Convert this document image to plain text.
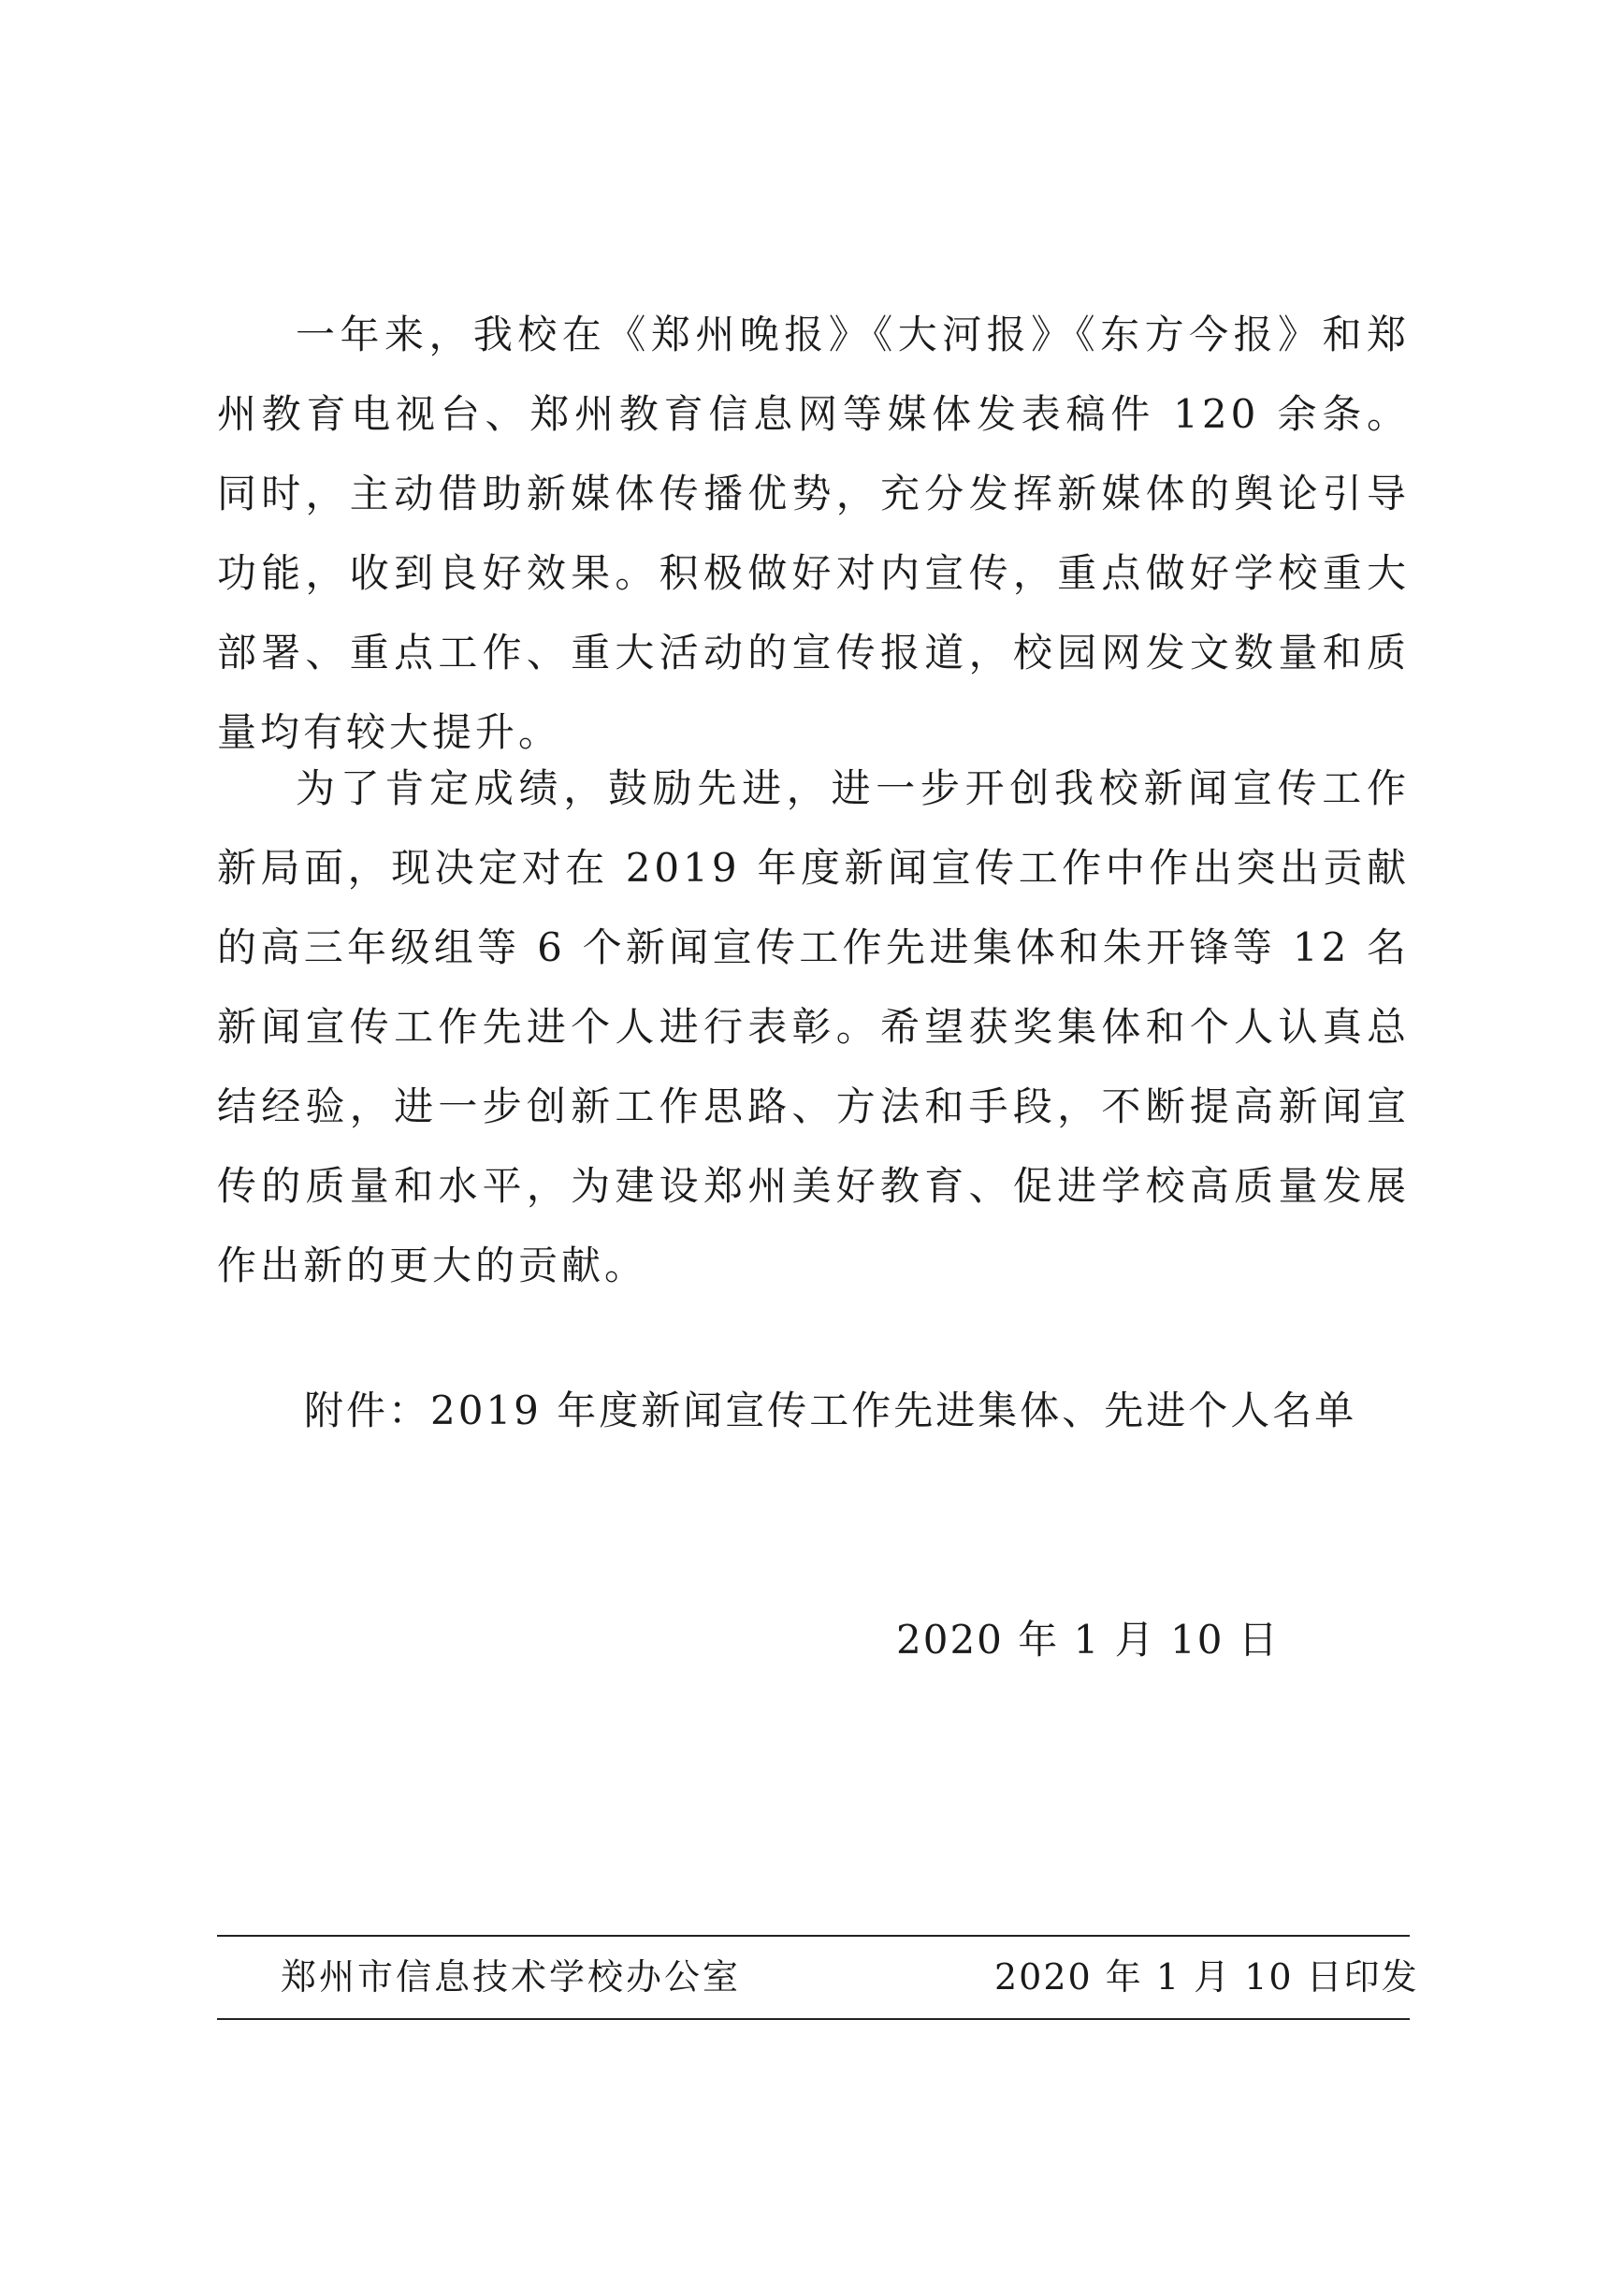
一年来，我校在《郑州晚报》《大河报》《东方今报》和郑州教育电视台、郑州教育信息网等媒体发表稿件 120 余条。同时，主动借助新媒体传播优势，充分发挥新媒体的舆论引导功能，收到良好效果。积极做好对内宣传，重点做好学校重大部署、重点工作、重大活动的宣传报道，校园网发文数量和质量均有较大提升。

为了肯定成绩，鼓励先进，进一步开创我校新闻宣传工作新局面，现决定对在 2019 年度新闻宣传工作中作出突出贡献的高三年级组等 6 个新闻宣传工作先进集体和朱开锋等 12 名新闻宣传工作先进个人进行表彰。希望获奖集体和个人认真总结经验，进一步创新工作思路、方法和手段，不断提高新闻宣传的质量和水平，为建设郑州美好教育、促进学校高质量发展作出新的更大的贡献。

附件：2019 年度新闻宣传工作先进集体、先进个人名单

2020 年 1 月 10 日

郑州市信息技术学校办公室	2020 年 1 月 10 日印发
